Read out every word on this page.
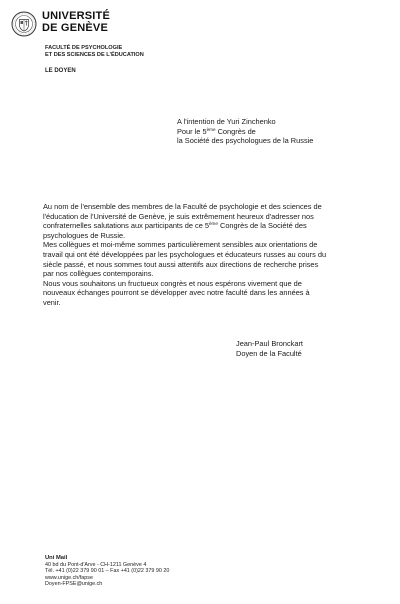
UNIVERSITÉ
DE GENÈVE
FACULTÉ DE PSYCHOLOGIE
ET DES SCIENCES DE L'ÉDUCATION
LE DOYEN
A l'intention de Yuri Zinchenko
Pour le 5ème Congrès de
la Société des psychologues de la Russie

Au nom de l'ensemble des membres de la Faculté de psychologie et des sciences de
l'éducation de l'Université de Genève, je suis extrêmement heureux d'adresser nos
confraternelles salutations aux participants de ce 5ème Congrès de la Société des
psychologues de Russie.

Mes collègues et moi-même sommes particulièrement sensibles aux orientations de
travail qui ont été développées par les psychologues et éducateurs russes au cours du
siècle passé, et nous sommes tout aussi attentifs aux directions de recherche prises
par nos collègues contemporains.

Nous vous souhaitons un fructueux congrès et nous espérons vivement que de
nouveaux échanges pourront se développer avec notre faculté dans les années à
venir.

Jean-Paul Bronckart
Doyen de la Faculté
Uni Mail
40 bd du Pont-d'Arve - CH-1211 Genève 4
Tél. +41 (0)22 379 90 01 – Fax +41 (0)22 379 90 20
www.unige.ch/fapse
Doyen-FPSE@unige.ch
